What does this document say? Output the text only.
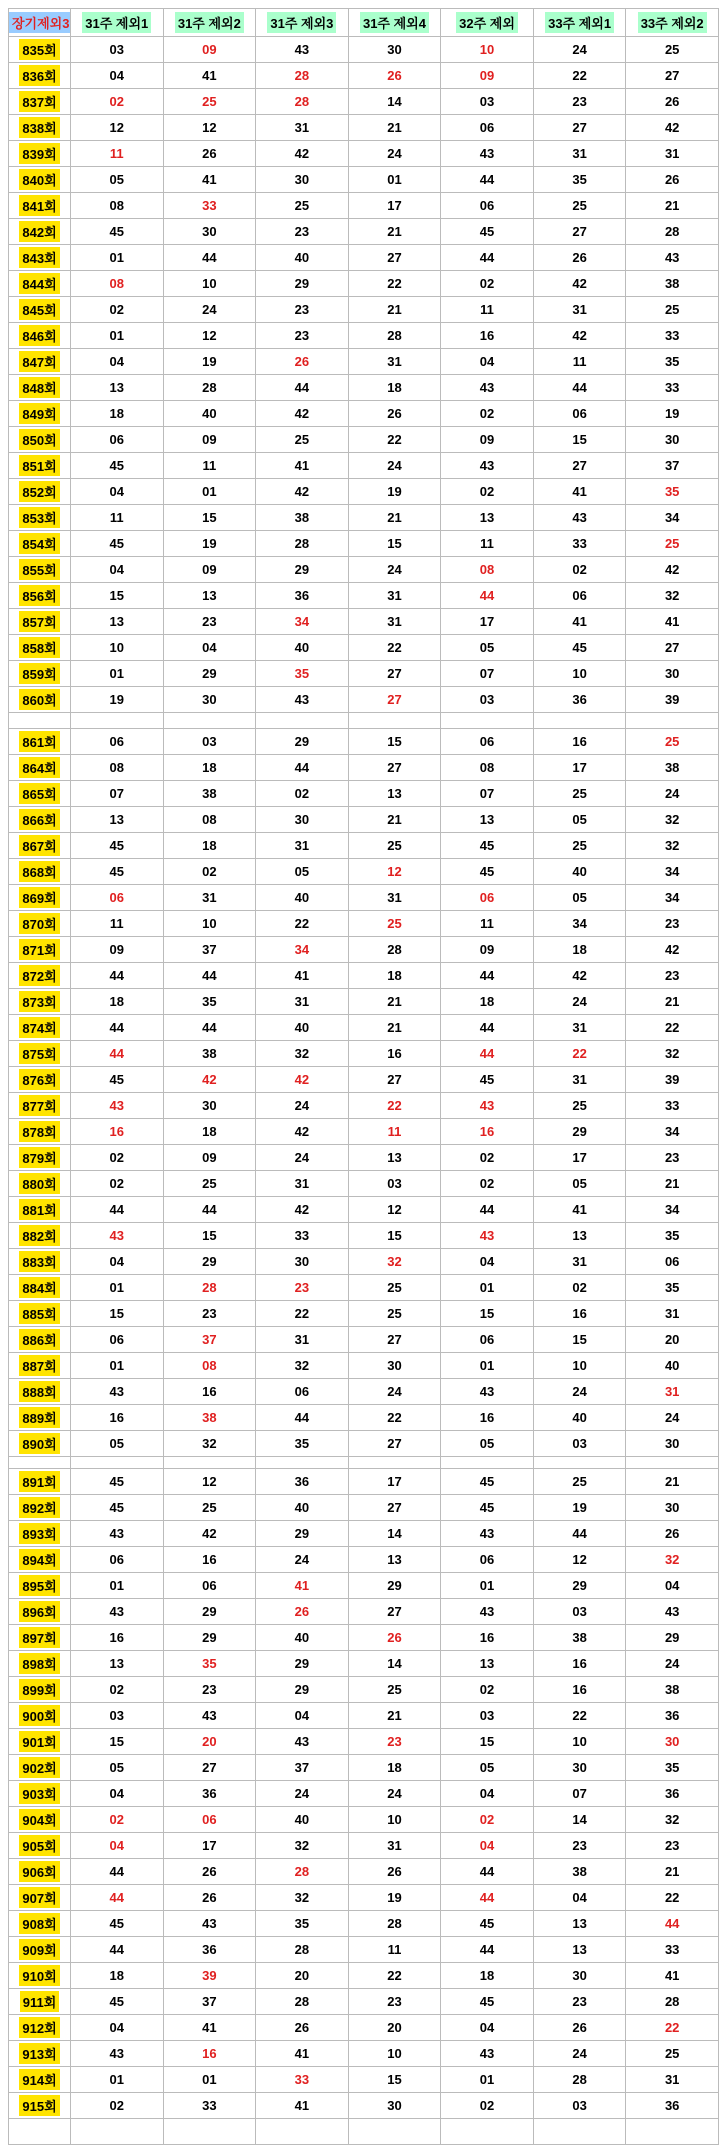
장기제외3	31주 제외1	31주 제외2	31주 제외3	31주 제외4	32주 제외	33주 제외1	33주 제외2
835회	03	09	43	30	10	24	25
836회	04	41	28	26	09	22	27
837회	02	25	28	14	03	23	26
838회	12	12	31	21	06	27	42
839회	11	26	42	24	43	31	31
840회	05	41	30	01	44	35	26
841회	08	33	25	17	06	25	21
842회	45	30	23	21	45	27	28
843회	01	44	40	27	44	26	43
844회	08	10	29	22	02	42	38
845회	02	24	23	21	11	31	25
846회	01	12	23	28	16	42	33
847회	04	19	26	31	04	11	35
848회	13	28	44	18	43	44	33
849회	18	40	42	26	02	06	19
850회	06	09	25	22	09	15	30
851회	45	11	41	24	43	27	37
852회	04	01	42	19	02	41	35
853회	11	15	38	21	13	43	34
854회	45	19	28	15	11	33	25
855회	04	09	29	24	08	02	42
856회	15	13	36	31	44	06	32
857회	13	23	34	31	17	41	41
858회	10	04	40	22	05	45	27
859회	01	29	35	27	07	10	30
860회	19	30	43	27	03	36	39

861회	06	03	29	15	06	16	25
864회	08	18	44	27	08	17	38
865회	07	38	02	13	07	25	24
866회	13	08	30	21	13	05	32
867회	45	18	31	25	45	25	32
868회	45	02	05	12	45	40	34
869회	06	31	40	31	06	05	34
870회	11	10	22	25	11	34	23
871회	09	37	34	28	09	18	42
872회	44	44	41	18	44	42	23
873회	18	35	31	21	18	24	21
874회	44	44	40	21	44	31	22
875회	44	38	32	16	44	22	32
876회	45	42	42	27	45	31	39
877회	43	30	24	22	43	25	33
878회	16	18	42	11	16	29	34
879회	02	09	24	13	02	17	23
880회	02	25	31	03	02	05	21
881회	44	44	42	12	44	41	34
882회	43	15	33	15	43	13	35
883회	04	29	30	32	04	31	06
884회	01	28	23	25	01	02	35
885회	15	23	22	25	15	16	31
886회	06	37	31	27	06	15	20
887회	01	08	32	30	01	10	40
888회	43	16	06	24	43	24	31
889회	16	38	44	22	16	40	24
890회	05	32	35	27	05	03	30

891회	45	12	36	17	45	25	21
892회	45	25	40	27	45	19	30
893회	43	42	29	14	43	44	26
894회	06	16	24	13	06	12	32
895회	01	06	41	29	01	29	04
896회	43	29	26	27	43	03	43
897회	16	29	40	26	16	38	29
898회	13	35	29	14	13	16	24
899회	02	23	29	25	02	16	38
900회	03	43	04	21	03	22	36
901회	15	20	43	23	15	10	30
902회	05	27	37	18	05	30	35
903회	04	36	24	24	04	07	36
904회	02	06	40	10	02	14	32
905회	04	17	32	31	04	23	23
906회	44	26	28	26	44	38	21
907회	44	26	32	19	44	04	22
908회	45	43	35	28	45	13	44
909회	44	36	28	11	44	13	33
910회	18	39	20	22	18	30	41
911회	45	37	28	23	45	23	28
912회	04	41	26	20	04	26	22
913회	43	16	41	10	43	24	25
914회	01	01	33	15	01	28	31
915회	02	33	41	30	02	03	36
